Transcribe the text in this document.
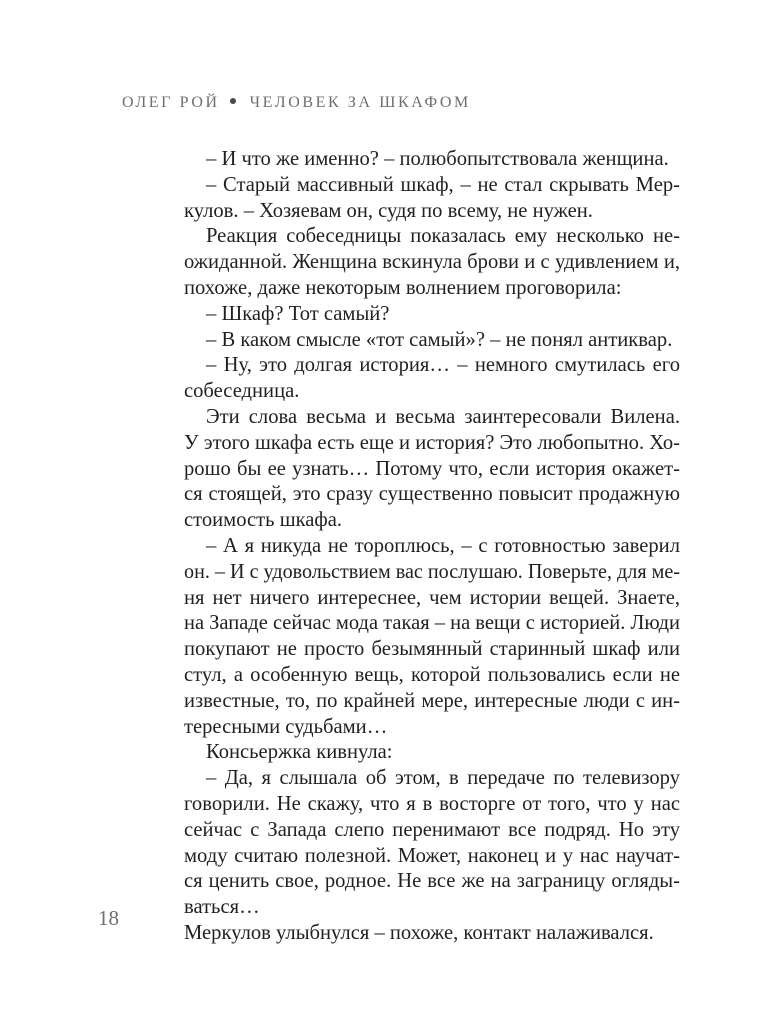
ОЛЕГ РОЙ ЧЕЛОВЕК ЗА ШКАФОМ
– И что же именно? – полюбопытствовала женщина.
– Старый массивный шкаф, – не стал скрывать Мер-
кулов. – Хозяевам он, судя по всему, не нужен.
Реакция собеседницы показалась ему несколько не-
ожиданной. Женщина вскинула брови и с удивлением и,
похоже, даже некоторым волнением проговорила:
– Шкаф? Тот самый?
– В каком смысле «тот самый»? – не понял антиквар.
– Ну, это долгая история… – немного смутилась его
собеседница.
Эти слова весьма и весьма заинтересовали Вилена.
У этого шкафа есть еще и история? Это любопытно. Хо-
рошо бы ее узнать… Потому что, если история окажет-
ся стоящей, это сразу существенно повысит продажную
стоимость шкафа.
– А я никуда не тороплюсь, – с готовностью заверил
он. – И с удовольствием вас послушаю. Поверьте, для ме-
ня нет ничего интереснее, чем истории вещей. Знаете,
на Западе сейчас мода такая – на вещи с историей. Люди
покупают не просто безымянный старинный шкаф или
стул, а особенную вещь, которой пользовались если не
известные, то, по крайней мере, интересные люди с ин-
тересными судьбами…
Консьержка кивнула:
– Да, я слышала об этом, в передаче по телевизору
говорили. Не скажу, что я в восторге от того, что у нас
сейчас с Запада слепо перенимают все подряд. Но эту
моду считаю полезной. Может, наконец и у нас научат-
ся ценить свое, родное. Не все же на заграницу огляды-
ваться…
Меркулов улыбнулся – похоже, контакт налаживался.
18
